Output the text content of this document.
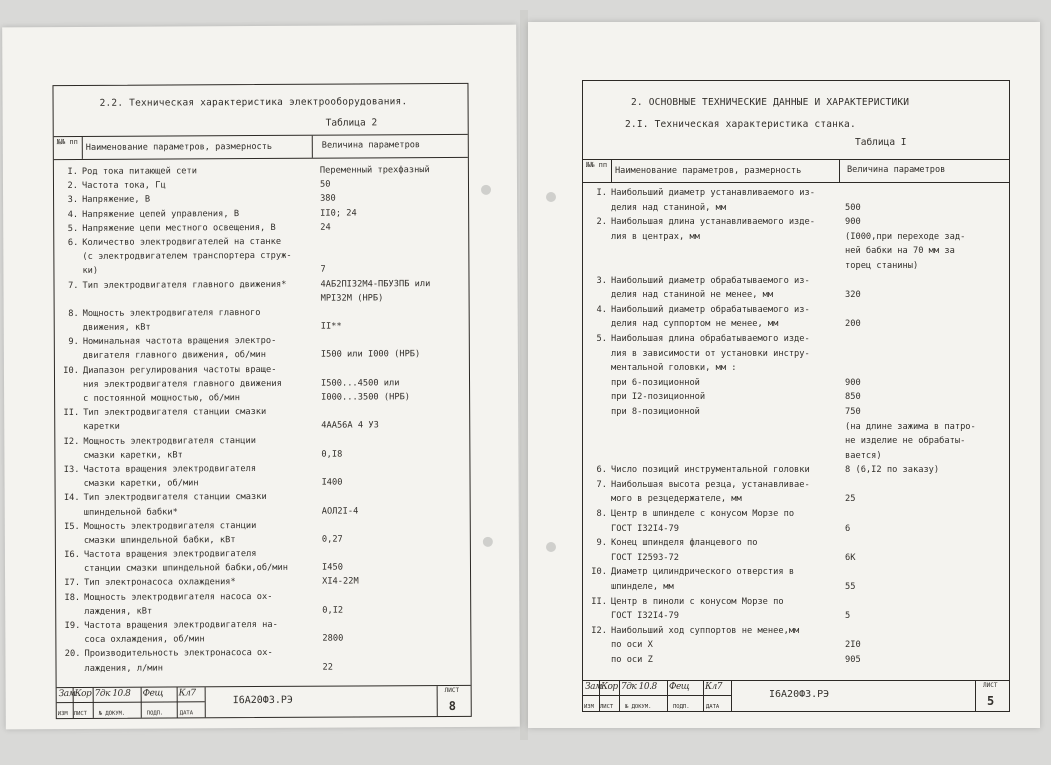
2.2. Техническая характеристика электрооборудования.
Таблица 2
№№ пп Наименование параметров, размерность	Величина параметров
I. Род тока питающей сети	Переменный трехфазный
2. Частота тока, Гц	50
3. Напряжение, В	380
4. Напряжение цепей управления, В	II0; 24
5. Напряжение цепи местного освещения, В	24
6. Количество электродвигателей на станке
(с электродвигателем транспортера струж-
ки)	7
7. Тип электродвигателя главного движения*	4АБ2ПI32М4-ПБУЗПБ или
МРI32М (НРБ)
8. Мощность электродвигателя главного
движения, кВт	II**
9. Номинальная частота вращения электро-
двигателя главного движения, об/мин	I500 или I000 (НРБ)
I0. Диапазон регулирования частоты враще-
ния электродвигателя главного движения	I500...4500 или
с постоянной мощностью, об/мин	I000...3500 (НРБ)
II. Тип электродвигателя станции смазки
каретки	4АА56А 4 У3
I2. Мощность электродвигателя станции
смазки каретки, кВт	0,I8
I3. Частота вращения электродвигателя
смазки каретки, об/мин	I400
I4. Тип электродвигателя станции смазки
шпиндельной бабки*	АОЛ2I-4
I5. Мощность электродвигателя станции
смазки шпиндельной бабки, кВт	0,27
I6. Частота вращения электродвигателя
станции смазки шпиндельной бабки,об/мин	I450
I7. Тип электронасоса охлаждения*	ХI4-22М
I8. Мощность электродвигателя насоса ох-
лаждения, кВт	0,I2
I9. Частота вращения электродвигателя на-
соса охлаждения, об/мин	2800
20. Производительность электронасоса ох-
лаждения, л/мин	22
Зам Кор 7дк 10.8 Фещ Кл7
ИЗМ ЛИСТ № ДОКУМ.	ПОДП.	ДАТА
I6А20Ф3.РЭ
ЛИСТ
8
2. ОСНОВНЫЕ ТЕХНИЧЕСКИЕ ДАННЫЕ И ХАРАКТЕРИСТИКИ
2.I. Техническая характеристика станка.
Таблица I
№№ пп
Наименование параметров, размерность	Величина параметров
I. Наибольший диаметр устанавливаемого из-
делия над станиной, мм	500
2. Наибольшая длина устанавливаемого изде-	900
лия в центрах, мм	(I000,при переходе зад-
ней бабки на 70 мм за
торец станины)
3. Наибольший диаметр обрабатываемого из-
делия над станиной не менее, мм	320
4. Наибольший диаметр обрабатываемого из-
делия над суппортом не менее, мм	200
5. Наибольшая длина обрабатываемого изде-
лия в зависимости от установки инстру-
ментальной головки, мм :
при 6-позиционной	900
при I2-позиционной	850
при 8-позиционной	750
(на длине зажима в патро-
не изделие не обрабаты-
вается)
6. Число позиций инструментальной головки	8 (6,I2 по заказу)
7. Наибольшая высота резца, устанавливае-
мого в резцедержателе, мм	25
8. Центр в шпинделе с конусом Морзе по
ГОСТ I32I4-79	6
9. Конец шпинделя фланцевого по
ГОСТ I2593-72	6К
I0. Диаметр цилиндрического отверстия в
шпинделе, мм	55
II. Центр в пиноли с конусом Морзе по
ГОСТ I32I4-79	5
I2. Наибольший ход суппортов не менее,мм
по оси X	2I0
по оси Z	905
Зам Кор 7дк 10.8 Фещ Кл7
ИЗМ ЛИСТ № ДОКУМ.	ПОДП.	ДАТА
I6А20Ф3.РЭ
ЛИСТ
5
